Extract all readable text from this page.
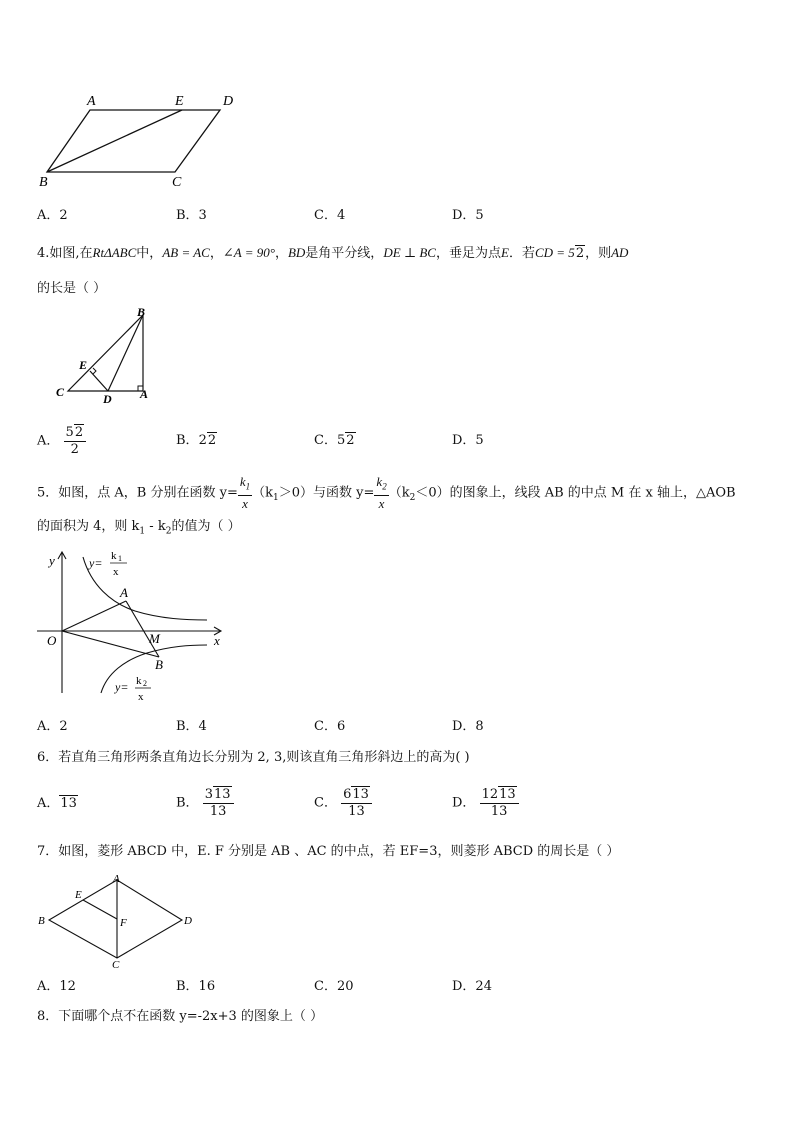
A	E	D
B	C
A．2	B．3	C．4	D．5
4.如图,在RtΔABC中，AB = AC，∠A = 90°，BD是角平分线，DE ⊥ BC，垂足为点E．若CD = 52，则AD
的长是（ ）
B
E
C	D A
A． $\frac{52}{2}$	B．22	C．52	D．5
5．如图，点 A，B 分别在函数 $y= \frac{k_1}{x} (k_1>0)$与函数 $y= \frac{k_2}{x} (k_2<0)$的图象上，线段 AB 的中点 M 在 x 轴上，△AOB
的面积为 4，则 $k_1 - k_2$的值为（ ）
y
x
O
A
M
B
y= k 1
x
y= k 2
x
A．2	B．4	C．6	D．8
6．若直角三角形两条直角边长分别为 2, 3,则该直角三角形斜边上的高为( )
A．13	B． $\frac{313}{13}$	C． $\frac{613}{13}$	D． $\frac{1213}{13}$
7．如图，菱形 ABCD 中，E. F 分别是 AB 、AC 的中点，若 EF=3，则菱形 ABCD 的周长是（ ）
A
E
B	F	D
C
A．12	B．16	C．20	D．24
8．下面哪个点不在函数 y=-2x+3 的图象上（ ）
